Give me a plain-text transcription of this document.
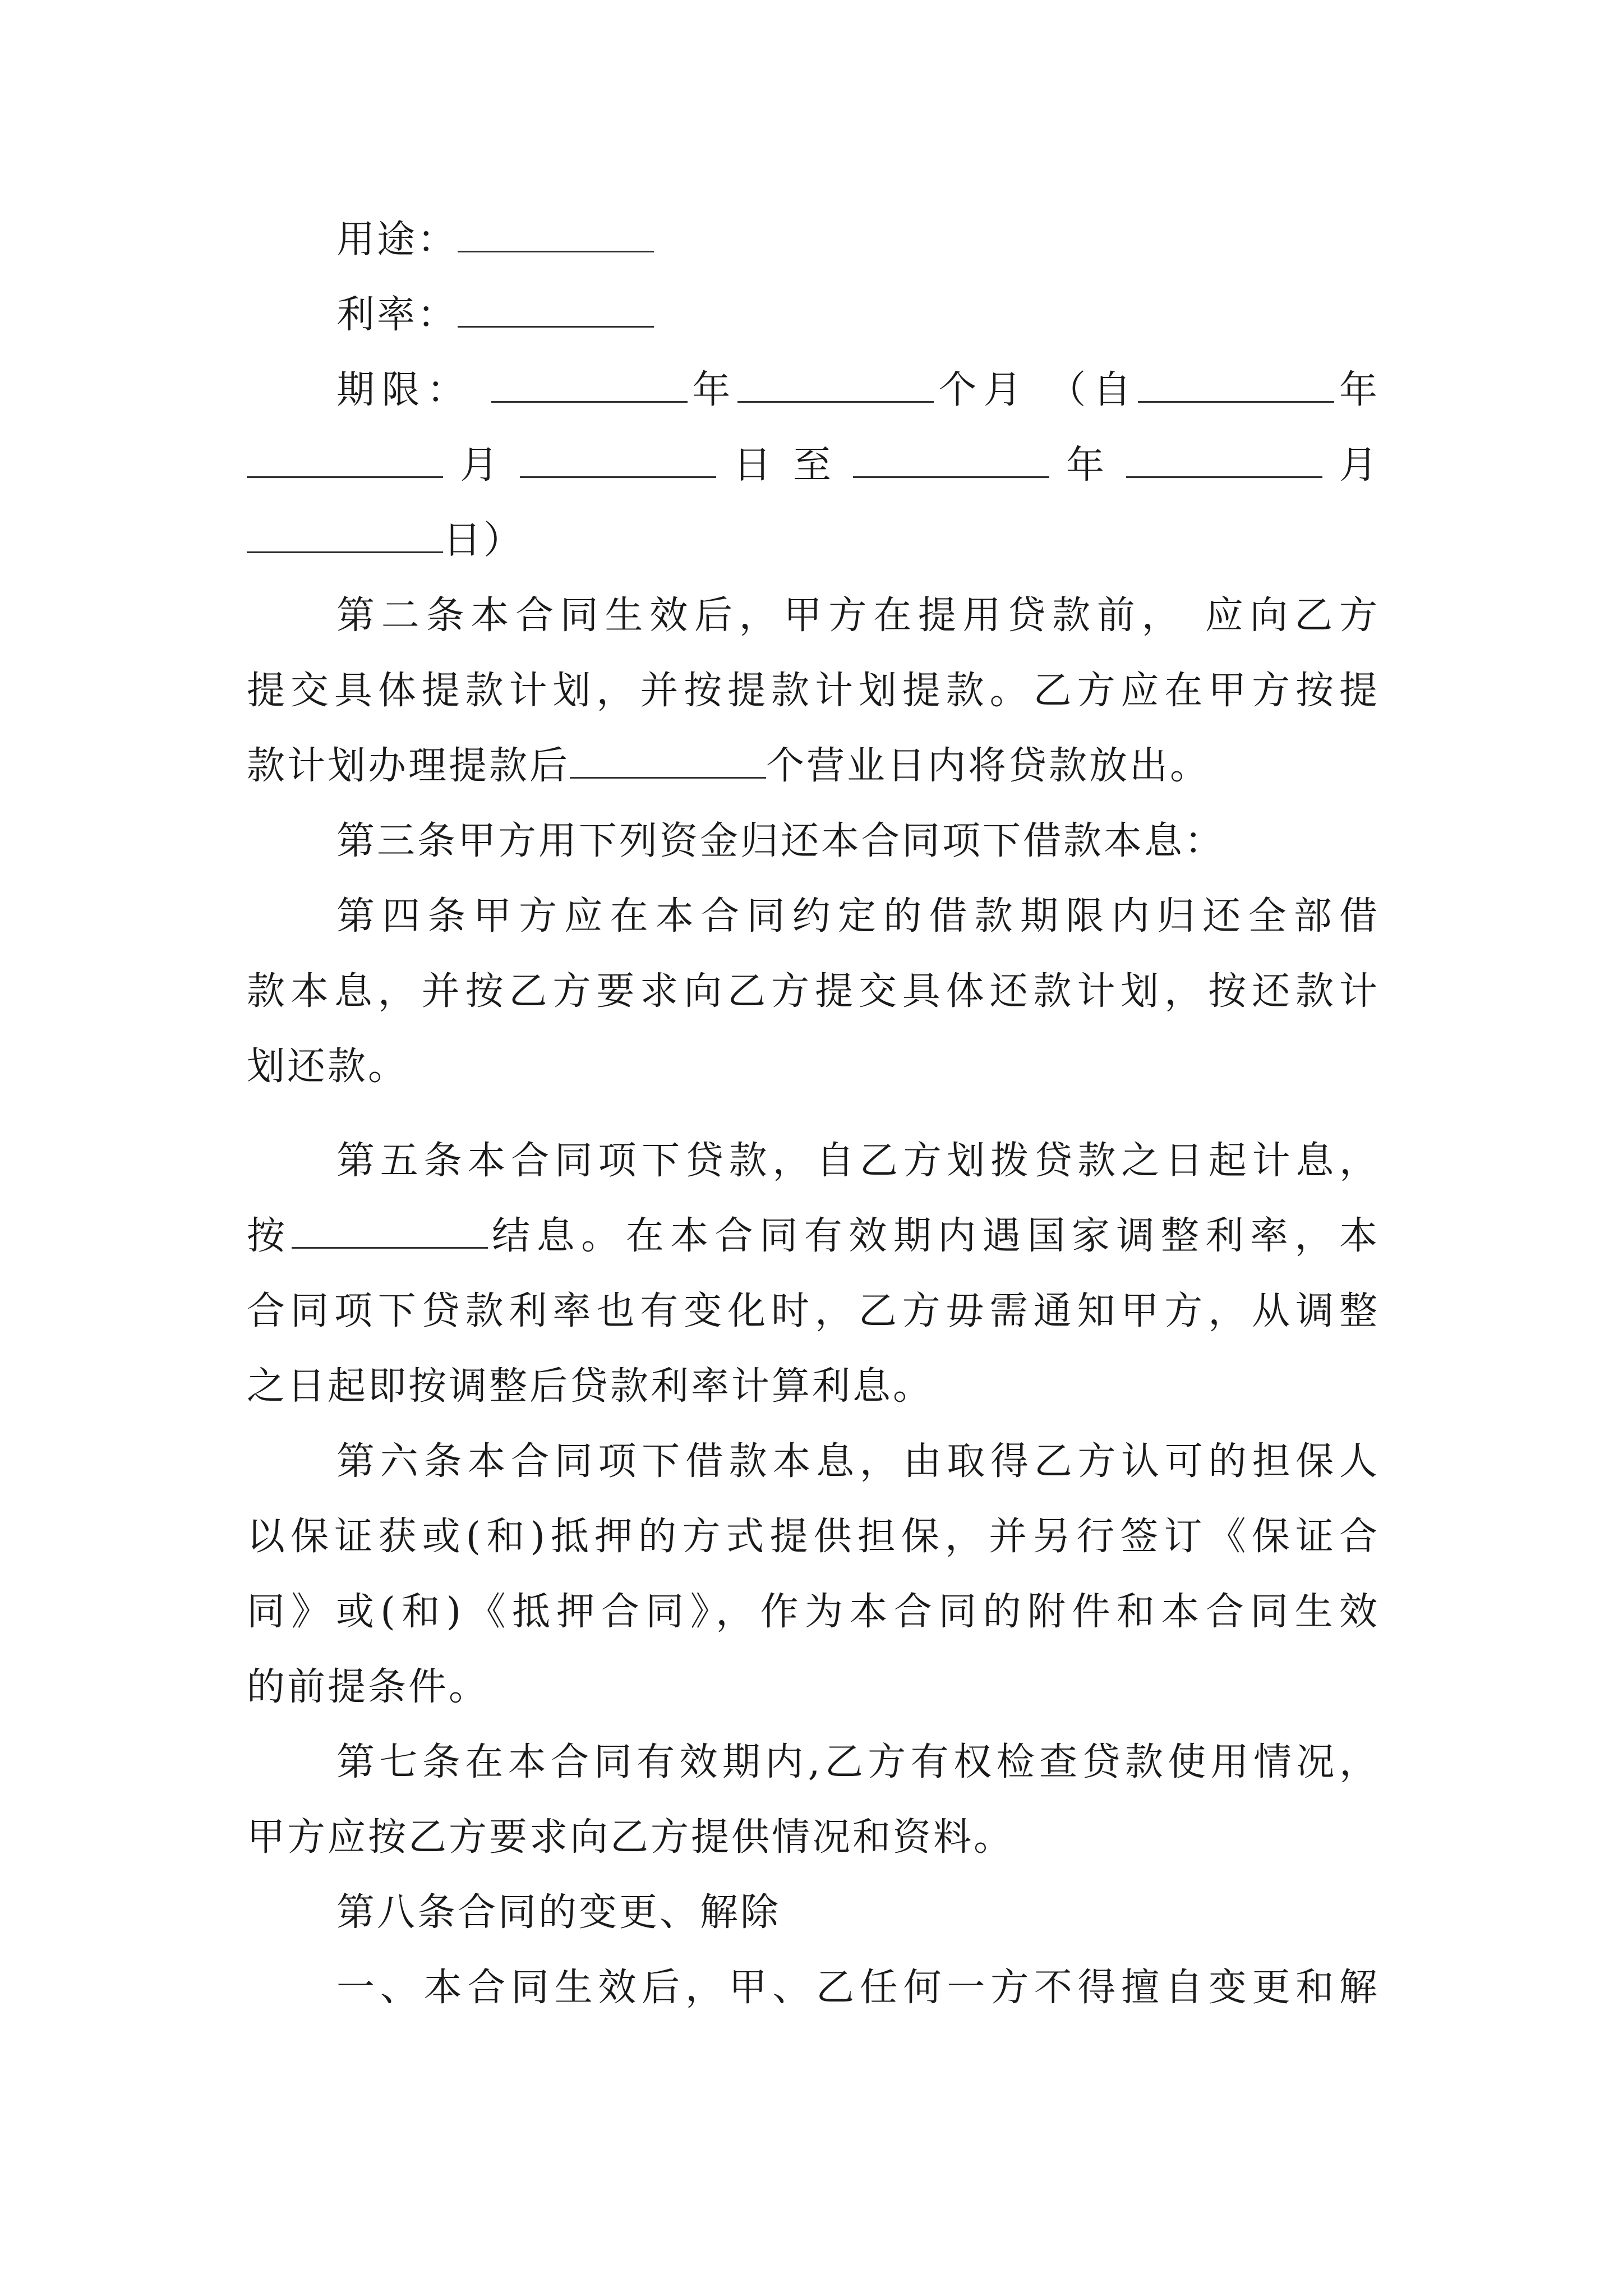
用途：
利率：
期限：	年	个月 （自	年
月	日 至	年	月
日）
第二条本合同生效后，甲方在提用贷款前， 应向乙方
提交具体提款计划，并按提款计划提款。乙方应在甲方按提
款计划办理提款后	个营业日内将贷款放出。
第三条甲方用下列资金归还本合同项下借款本息：
第四条甲方应在本合同约定的借款期限内归还全部借
款本息，并按乙方要求向乙方提交具体还款计划，按还款计
划还款。
第五条本合同项下贷款，自乙方划拨贷款之日起计息，
按	结息。在本合同有效期内遇国家调整利率，本
合同项下贷款利率也有变化时，乙方毋需通知甲方，从调整
之日起即按调整后贷款利率计算利息。
第六条本合同项下借款本息，由取得乙方认可的担保人
以保证获或(和)抵押的方式提供担保，并另行签订《保证合
同》或(和)《抵押合同》，作为本合同的附件和本合同生效
的前提条件。
第七条在本合同有效期内,乙方有权检查贷款使用情况，
甲方应按乙方要求向乙方提供情况和资料。
第八条合同的变更、解除
一、本合同生效后，甲、乙任何一方不得擅自变更和解
